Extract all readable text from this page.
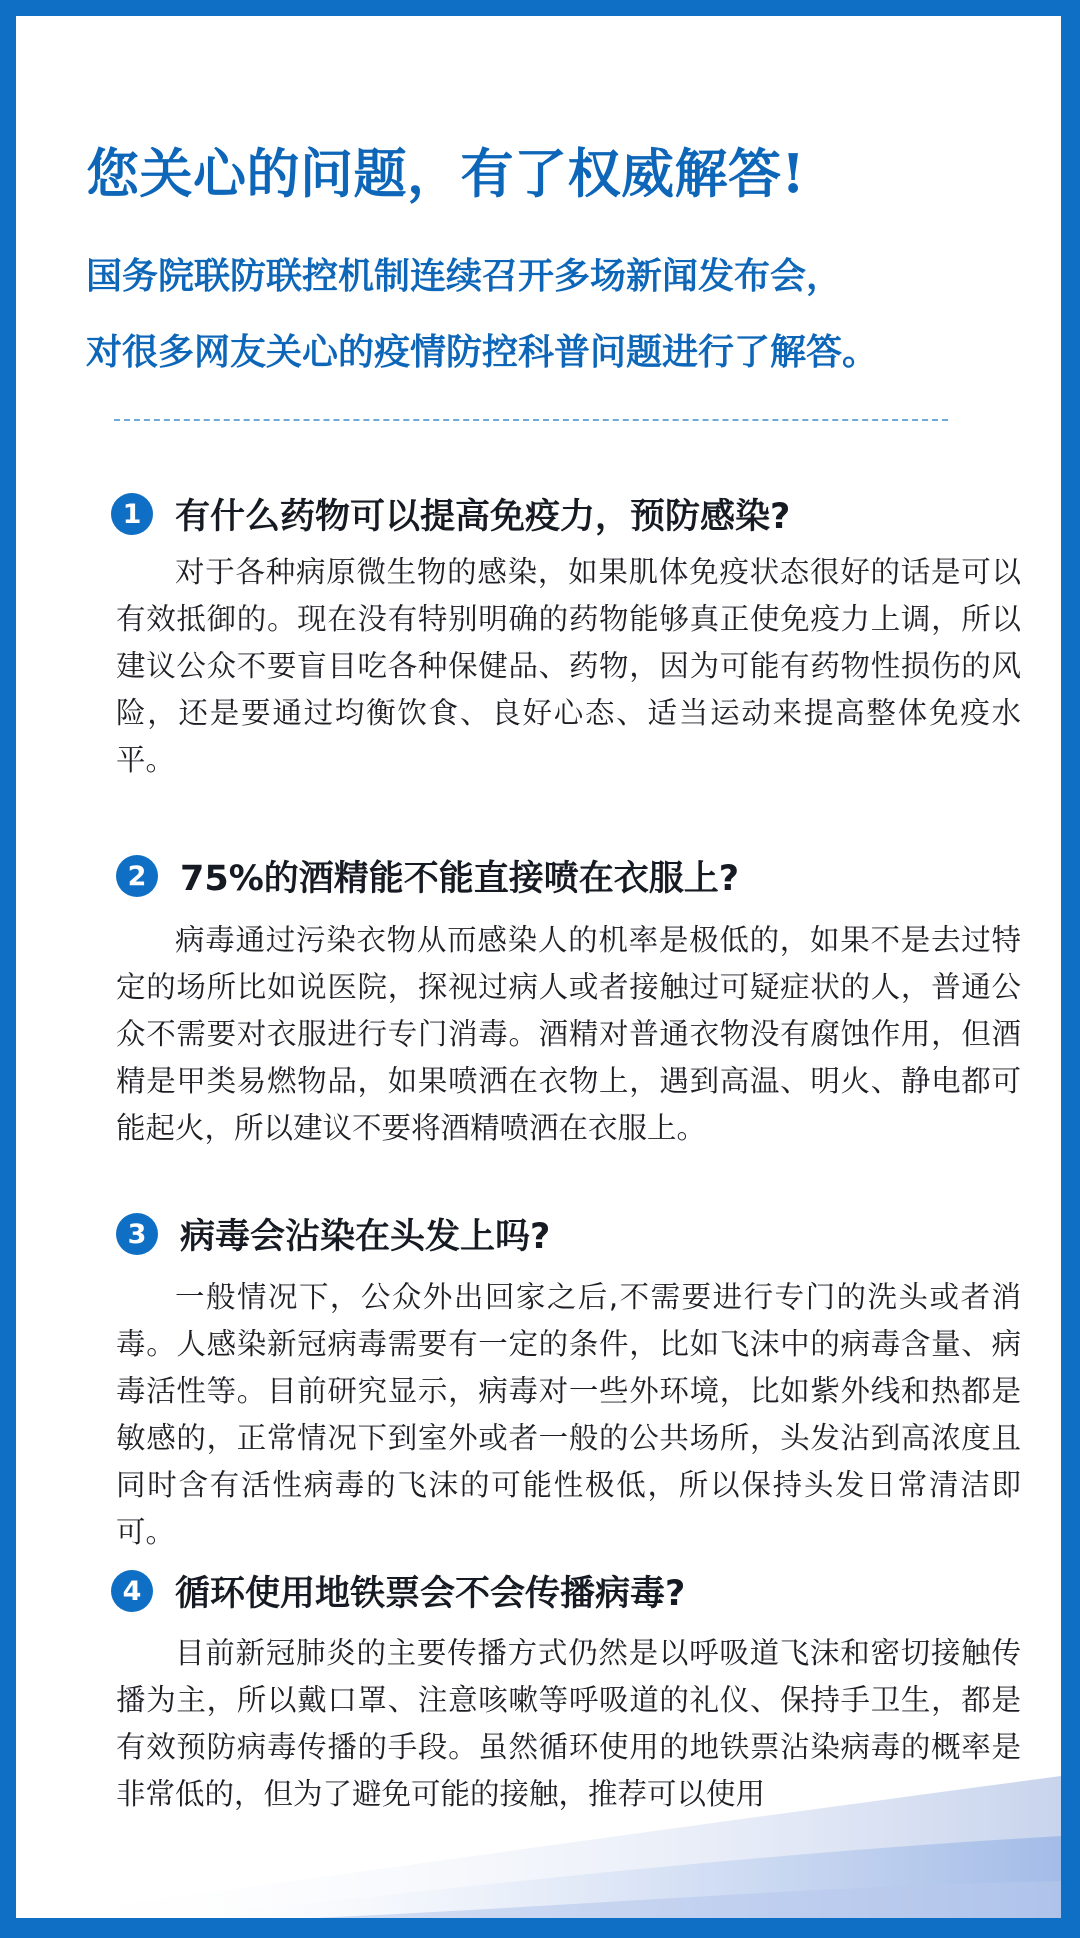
您关心的问题，有了权威解答!
国务院联防联控机制连续召开多场新闻发布会，
对很多网友关心的疫情防控科普问题进行了解答。
1 有什么药物可以提高免疫力，预防感染?

对于各种病原微生物的感染，如果肌体免疫状态很好的话是可以有效抵御的。现在没有特别明确的药物能够真正使免疫力上调，所以建议公众不要盲目吃各种保健品、药物，因为可能有药物性损伤的风险，还是要通过均衡饮食、良好心态、适当运动来提高整体免疫水平。

2 75%的酒精能不能直接喷在衣服上?

病毒通过污染衣物从而感染人的机率是极低的，如果不是去过特定的场所比如说医院，探视过病人或者接触过可疑症状的人，普通公众不需要对衣服进行专门消毒。酒精对普通衣物没有腐蚀作用，但酒精是甲类易燃物品，如果喷洒在衣物上，遇到高温、明火、静电都可能起火，所以建议不要将酒精喷洒在衣服上。

3 病毒会沾染在头发上吗?

一般情况下，公众外出回家之后,不需要进行专门的洗头或者消毒。人感染新冠病毒需要有一定的条件，比如飞沫中的病毒含量、病毒活性等。目前研究显示，病毒对一些外环境，比如紫外线和热都是敏感的，正常情况下到室外或者一般的公共场所，头发沾到高浓度且同时含有活性病毒的飞沫的可能性极低，所以保持头发日常清洁即可。

4 循环使用地铁票会不会传播病毒?

目前新冠肺炎的主要传播方式仍然是以呼吸道飞沫和密切接触传播为主，所以戴口罩、注意咳嗽等呼吸道的礼仪、保持手卫生，都是有效预防病毒传播的手段。虽然循环使用的地铁票沾染病毒的概率是非常低的，但为了避免可能的接触，推荐可以使用
